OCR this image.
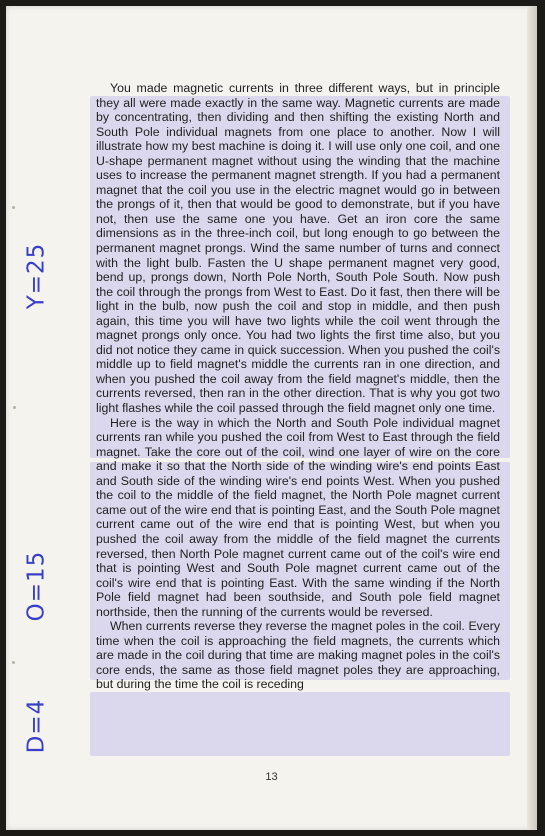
Y=25
O=15
D=4

You made magnetic currents in three different ways, but in principle they all were made exactly in the same way. Magnetic currents are made by concentrating, then dividing and then shifting the existing North and South Pole individual magnets from one place to another. Now I will illustrate how my best machine is doing it. I will use only one coil, and one U-shape permanent magnet without using the winding that the machine uses to increase the permanent magnet strength. If you had a permanent magnet that the coil you use in the electric magnet would go in between the prongs of it, then that would be good to demonstrate, but if you have not, then use the same one you have. Get an iron core the same dimensions as in the three-inch coil, but long enough to go between the permanent magnet prongs. Wind the same number of turns and connect with the light bulb. Fasten the U shape permanent magnet very good, bend up, prongs down, North Pole North, South Pole South. Now push the coil through the prongs from West to East. Do it fast, then there will be light in the bulb, now push the coil and stop in middle, and then push again, this time you will have two lights while the coil went through the magnet prongs only once. You had two lights the first time also, but you did not notice they came in quick succession. When you pushed the coil's middle up to field magnet's middle the currents ran in one direction, and when you pushed the coil away from the field magnet's middle, then the currents reversed, then ran in the other direction. That is why you got two light flashes while the coil passed through the field magnet only one time.

Here is the way in which the North and South Pole individual magnet currents ran while you pushed the coil from West to East through the field magnet. Take the core out of the coil, wind one layer of wire on the core and make it so that the North side of the winding wire's end points East and South side of the winding wire's end points West. When you pushed the coil to the middle of the field magnet, the North Pole magnet current came out of the wire end that is pointing East, and the South Pole magnet current came out of the wire end that is pointing West, but when you pushed the coil away from the middle of the field magnet the currents reversed, then North Pole magnet current came out of the coil's wire end that is pointing West and South Pole magnet current came out of the coil's wire end that is pointing East. With the same winding if the North Pole field magnet had been southside, and South pole field magnet northside, then the running of the currents would be reversed.

When currents reverse they reverse the magnet poles in the coil. Every time when the coil is approaching the field magnets, the currents which are made in the coil during that time are making magnet poles in the coil's core ends, the same as those field magnet poles they are approaching, but during the time the coil is receding

13
